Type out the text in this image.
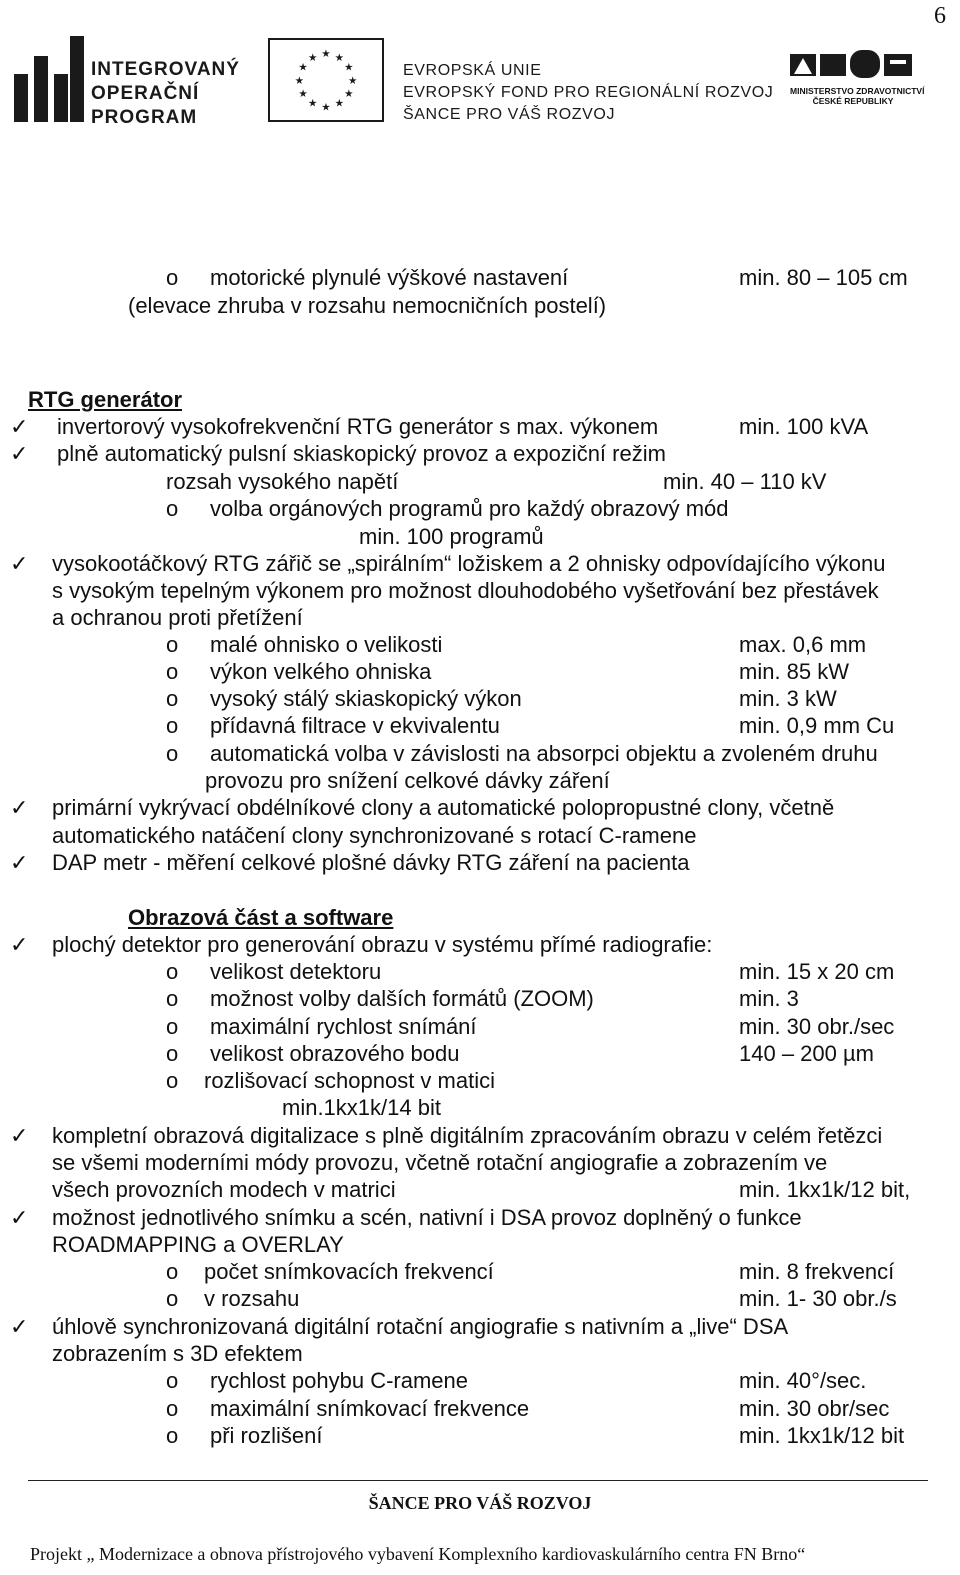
6
INTEGROVANÝ
OPERAČNÍ
PROGRAM
★ ★
★
★
★
★
★
★
★
★
★
★
EVROPSKÁ UNIE
EVROPSKÝ FOND PRO REGIONÁLNÍ ROZVOJ
ŠANCE PRO VÁŠ ROZVOJ
MINISTERSTVO ZDRAVOTNICTVÍ
ČESKÉ REPUBLIKY
o motorické plynulé výškové nastavení	min. 80 – 105 cm
(elevace zhruba v rozsahu nemocničních postelí)
RTG generátor
✓ invertorový vysokofrekvenční RTG generátor s max. výkonem	min. 100 kVA
✓ plně automatický pulsní skiaskopický provoz a expoziční režim
rozsah vysokého napětí	min. 40 – 110 kV
o volba orgánových programů pro každý obrazový mód
min. 100 programů
✓ vysokootáčkový RTG zářič se „spirálním“ ložiskem a 2 ohnisky odpovídajícího výkonu
s vysokým tepelným výkonem pro možnost dlouhodobého vyšetřování bez přestávek
a ochranou proti přetížení
o malé ohnisko o velikosti	max. 0,6 mm
o výkon velkého ohniska	min. 85 kW
o vysoký stálý skiaskopický výkon	min. 3 kW
o přídavná filtrace v ekvivalentu	min. 0,9 mm Cu
o automatická volba v závislosti na absorpci objektu a zvoleném druhu
provozu pro snížení celkové dávky záření
✓ primární vykrývací obdélníkové clony a automatické polopropustné clony, včetně
automatického natáčení clony synchronizované s rotací C-ramene
✓ DAP metr - měření celkové plošné dávky RTG záření na pacienta
Obrazová část a software
✓ plochý detektor pro generování obrazu v systému přímé radiografie:
o velikost detektoru	min. 15 x 20 cm
o možnost volby dalších formátů (ZOOM)	min. 3
o maximální rychlost snímání	min. 30 obr./sec
o velikost obrazového bodu	140 – 200 µm
o rozlišovací schopnost v matici
min.1kx1k/14 bit
✓ kompletní obrazová digitalizace s plně digitálním zpracováním obrazu v celém řetězci
se všemi moderními módy provozu, včetně rotační angiografie a zobrazením ve
všech provozních modech v matrici	min. 1kx1k/12 bit,
✓ možnost jednotlivého snímku a scén, nativní i DSA provoz doplněný o funkce
ROADMAPPING a OVERLAY
o počet snímkovacích frekvencí	min. 8 frekvencí
o v rozsahu	min. 1- 30 obr./s
✓ úhlově synchronizovaná digitální rotační angiografie s nativním a „live“ DSA
zobrazením s 3D efektem
o rychlost pohybu C-ramene	min. 40°/sec.
o maximální snímkovací frekvence	min. 30 obr/sec
o při rozlišení	min. 1kx1k/12 bit
ŠANCE PRO VÁŠ ROZVOJ
Projekt „ Modernizace a obnova přístrojového vybavení Komplexního kardiovaskulárního centra FN Brno“
